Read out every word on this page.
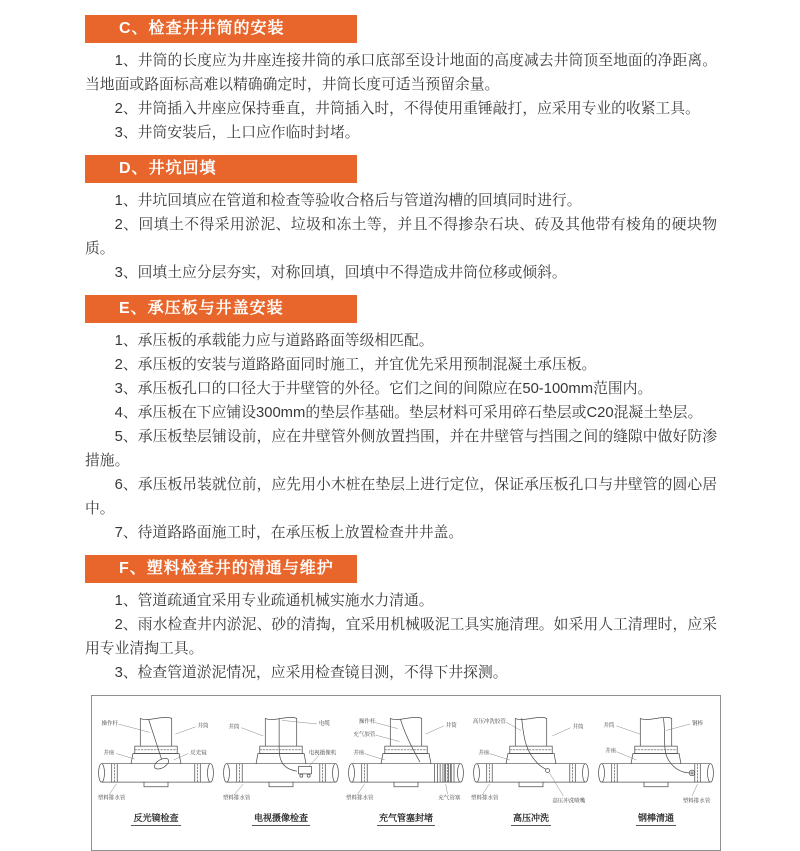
C、检查井井筒的安装

1、井筒的长度应为井座连接井筒的承口底部至设计地面的高度减去井筒顶至地面的净距离。当地面或路面标高难以精确确定时，井筒长度可适当预留余量。

2、井筒插入井座应保持垂直，井筒插入时，不得使用重锤敲打，应采用专业的收紧工具。

3、井筒安装后，上口应作临时封堵。

D、井坑回填

1、井坑回填应在管道和检查等验收合格后与管道沟槽的回填同时进行。

2、回填土不得采用淤泥、垃圾和冻土等，并且不得掺杂石块、砖及其他带有棱角的硬块物质。

3、回填土应分层夯实，对称回填，回填中不得造成井筒位移或倾斜。

E、承压板与井盖安装

1、承压板的承载能力应与道路路面等级相匹配。

2、承压板的安装与道路路面同时施工，并宜优先采用预制混凝土承压板。

3、承压板孔口的口径大于井壁管的外径。它们之间的间隙应在50-100mm范围内。

4、承压板在下应铺设300mm的垫层作基础。垫层材料可采用碎石垫层或C20混凝土垫层。

5、承压板垫层铺设前，应在井壁管外侧放置挡围，并在井壁管与挡围之间的缝隙中做好防渗措施。

6、承压板吊装就位前，应先用小木桩在垫层上进行定位，保证承压板孔口与井壁管的圆心居中。

7、待道路路面施工时，在承压板上放置检查井井盖。

F、塑料检查井的清通与维护

1、管道疏通宜采用专业疏通机械实施水力清通。

2、雨水检查井内淤泥、砂的清掏，宜采用机械吸泥工具实施清理。如采用人工清理时，应采用专业清掏工具。

3、检查管道淤泥情况，应采用检查镜目测，不得下井探测。

操作杆	井筒
井座	反光镜
塑料排水管
反光镜检查
井筒
电缆
电视摄像机
塑料排水管
电视摄像检查
操作杆
井筒
充气胶管
井座
塑料排水管	充气管塞
充气管塞封堵
高压冲洗胶管
井筒
井座
塑料排水管	高压冲洗喷嘴
高压冲洗
井筒	钢棒
井座
塑料排水管
钢棒清通
